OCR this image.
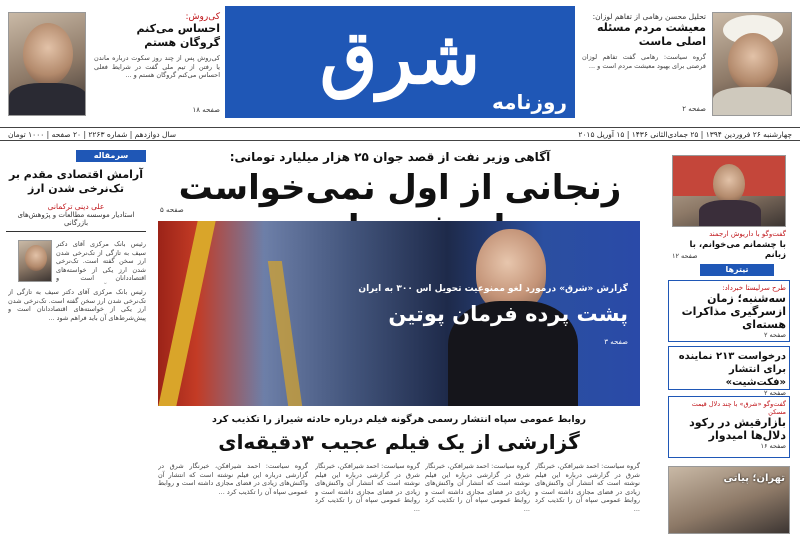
شرق
روزنامه
کی‌روش:
احساس می‌کنم گروگان هستم
کی‌روش پس از چند روز سکوت درباره ماندن یا رفتن از تیم ملی گفت در شرایط فعلی احساس می‌کنم گروگان هستم و ...
صفحه ۱۸
تحلیل محسن رهامی از تفاهم لوزان:
معیشت مردم مسئله اصلی ماست
گروه سیاست: رهامی گفت تفاهم لوزان فرصتی برای بهبود معیشت مردم است و ...
صفحه ۲
چهارشنبه ۲۶ فروردین ۱۳۹۴ | ۲۵ جمادی‌الثانی ۱۴۳۶ | ۱۵ آوریل ۲۰۱۵
سال دوازدهم | شماره ۲۲۶۳ | ۲۰ صفحه | ۱۰۰۰ تومان
آگاهی وزیر نفت از قصد جوان ۲۵ هزار میلیارد تومانی:
زنجانی از اول نمی‌خواست
صفحه ۵
گزارش «شرق» درمورد لغو ممنوعیت تحویل اس ۳۰۰ به ایران
پشت پرده فرمان پوتین
صفحه ۳
روابط عمومی سپاه انتشار رسمی هرگونه فیلم درباره حادثه شیراز را تکذیب کرد
گزارشی از یک فیلم عجیب ۳دقیقه‌ای
گروه سیاست: احمد شیرافکن، خبرنگار شرق در گزارشی درباره این فیلم نوشته است که انتشار آن واکنش‌های زیادی در فضای مجازی داشته است و روابط عمومی سپاه آن را تکذیب کرد ...
گروه سیاست: احمد شیرافکن، خبرنگار شرق در گزارشی درباره این فیلم نوشته است که انتشار آن واکنش‌های زیادی در فضای مجازی داشته است و روابط عمومی سپاه آن را تکذیب کرد ...
گروه سیاست: احمد شیرافکن، خبرنگار شرق در گزارشی درباره این فیلم نوشته است که انتشار آن واکنش‌های زیادی در فضای مجازی داشته است و روابط عمومی سپاه آن را تکذیب کرد ...
گروه سیاست: احمد شیرافکن، خبرنگار شرق در گزارشی درباره این فیلم نوشته است که انتشار آن واکنش‌های زیادی در فضای مجازی داشته است و روابط عمومی سپاه آن را تکذیب کرد ...
سرمقاله
آرامش اقتصادی مقدم بر تک‌نرخی شدن ارز
علی دینی ترکمانی
استادیار موسسه مطالعات و پژوهش‌های بازرگانی
رئیس بانک مرکزی آقای دکتر سیف به تازگی از تک‌نرخی شدن ارز سخن گفته است. تک‌نرخی شدن ارز یکی از خواسته‌های اقتصاددانان است و
رئیس بانک مرکزی آقای دکتر سیف به تازگی از تک‌نرخی شدن ارز سخن گفته است. تک‌نرخی شدن ارز یکی از خواسته‌های اقتصاددانان است و پیش‌شرط‌های آن باید فراهم شود ...
گفت‌وگو با داریوش ارجمند
با چشمانم می‌خوانم، با زبانم
صفحه ۱۲
تیترها
طرح سرلیستا خبرداد:
سه‌شنبه؛ زمان ازسرگیری مذاکرات هسته‌ای
صفحه ۲
درخواست ۲۱۳ نماینده برای انتشار «فکت‌شیت»
صفحه ۲
گفت‌وگو «شرق» با چند دلال قیمت مسکن
بازارقیش در رکود دلال‌ها امیدوار
صفحه ۱۶
تهران؛ پیاتی
